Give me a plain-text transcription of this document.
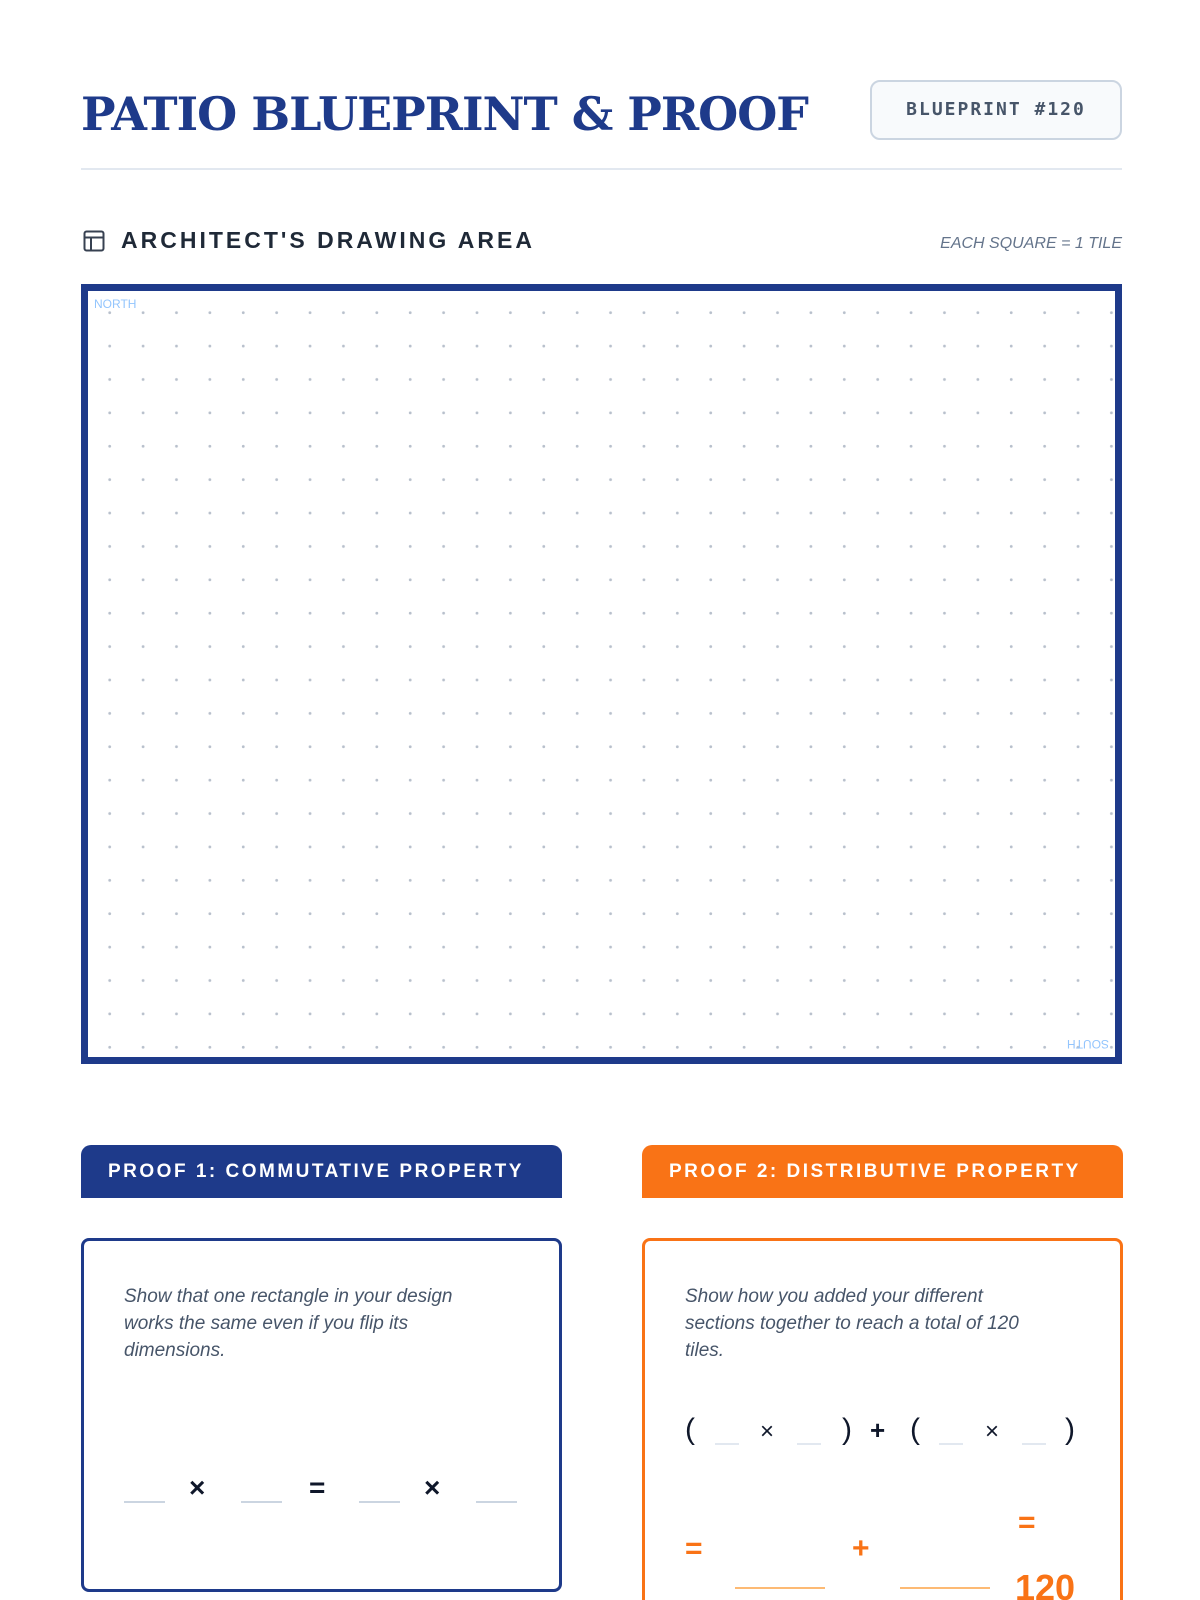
PATIO BLUEPRINT & PROOF	BLUEPRINT #120
ARCHITECT'S DRAWING AREA	EACH SQUARE = 1 TILE
NORTH
SOUTH
PROOF 1: COMMUTATIVE PROPERTY	PROOF 2: DISTRIBUTIVE PROPERTY
Show that one rectangle in your design works the same even if you flip its dimensions.
×	=	×
Show how you added your different sections together to reach a total of 120 tiles.
(	× ) + (	× )
=	+
=
120
